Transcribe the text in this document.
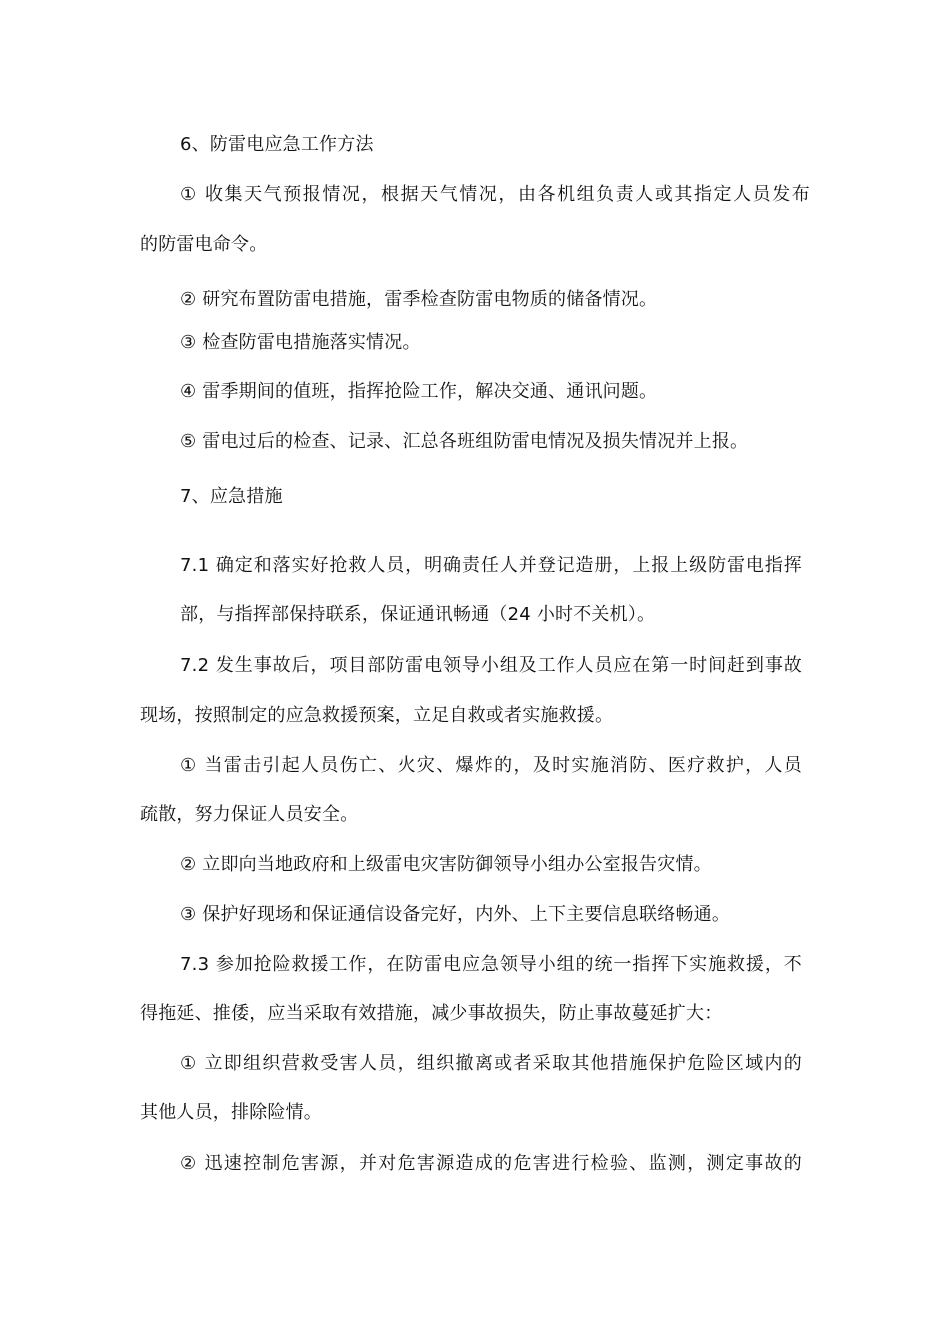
6、防雷电应急工作方法
① 收集天气预报情况，根据天气情况，由各机组负责人或其指定人员发布
的防雷电命令。
② 研究布置防雷电措施，雷季检查防雷电物质的储备情况。
③ 检查防雷电措施落实情况。
④ 雷季期间的值班，指挥抢险工作，解决交通、通讯问题。
⑤ 雷电过后的检查、记录、汇总各班组防雷电情况及损失情况并上报。
7、应急措施
7.1 确定和落实好抢救人员，明确责任人并登记造册，上报上级防雷电指挥
部，与指挥部保持联系，保证通讯畅通（24 小时不关机）。
7.2 发生事故后，项目部防雷电领导小组及工作人员应在第一时间赶到事故
现场，按照制定的应急救援预案，立足自救或者实施救援。
① 当雷击引起人员伤亡、火灾、爆炸的，及时实施消防、医疗救护，人员
疏散，努力保证人员安全。
② 立即向当地政府和上级雷电灾害防御领导小组办公室报告灾情。
③ 保护好现场和保证通信设备完好，内外、上下主要信息联络畅通。
7.3 参加抢险救援工作，在防雷电应急领导小组的统一指挥下实施救援，不
得拖延、推倭，应当采取有效措施，减少事故损失，防止事故蔓延扩大：
① 立即组织营救受害人员，组织撤离或者采取其他措施保护危险区域内的
其他人员，排除险情。
② 迅速控制危害源，并对危害源造成的危害进行检验、监测，测定事故的
